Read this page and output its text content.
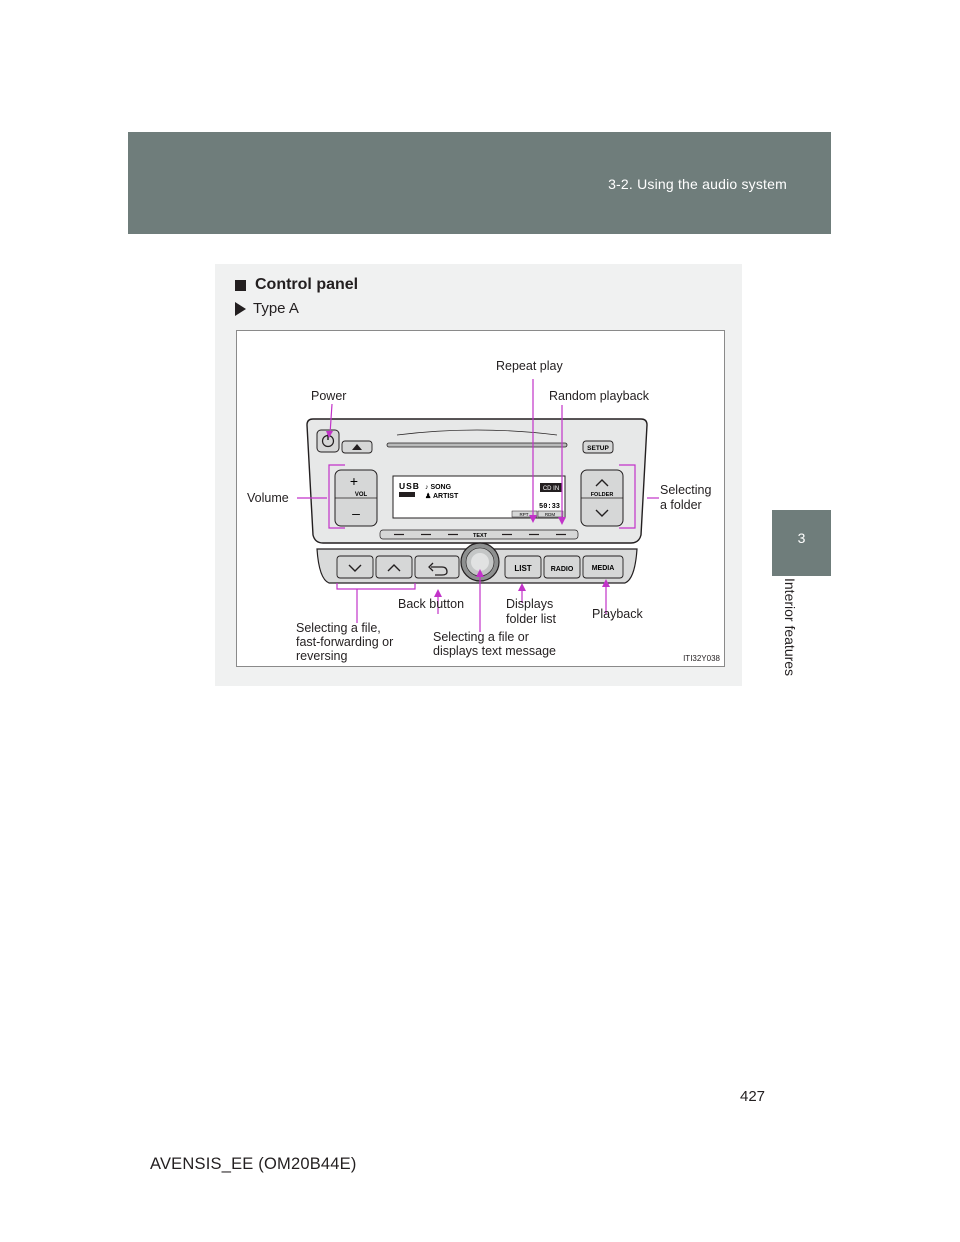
3-2. Using the audio system
3
Interior features
427
Control panel
Type A
SETUP
+
VOL
–
USB ♪ SONG
♟ ARTIST
CD IN
50:33
RPT	RDM
FOLDER
TEXT
LIST	RADIO	MEDIA
Repeat play
Power	Random playback
Volume
Selecting
a folder
Back button	Displays
folder list	Playback
Selecting a file,
fast-forwarding or
reversing
Selecting a file or
displays text message
ITI32Y038
AVENSIS_EE (OM20B44E)
